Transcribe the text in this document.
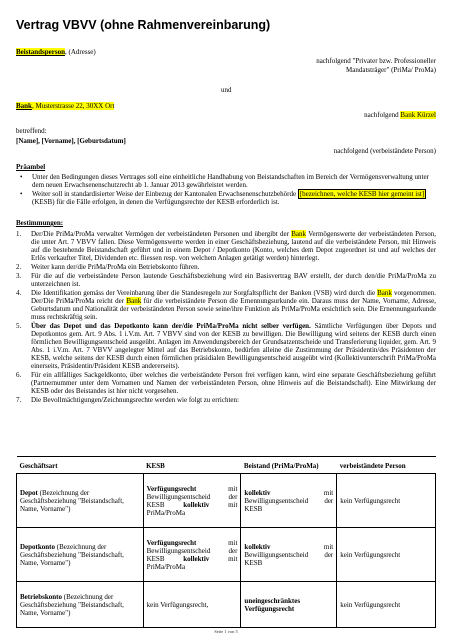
Vertrag VBVV (ohne Rahmenvereinbarung)
Beistandsperson, (Adresse)
nachfolgend "Privater bzw. Professioneller
Mandatsträger" (PriMa/ ProMa)
und
Bank, Musterstrasse 22, 30XX Ort
nachfolgend Bank Kürzel
betreffend:
[Name], [Vorname], [Geburtsdatum]
nachfolgend (verbeiständete Person)
Präambel
• Unter den Bedingungen dieses Vertrages soll eine einheitliche Handhabung von Beistandschaften im Bereich der Vermögensverwaltung unter dem neuen Erwachsenenschutzrecht ab 1. Januar 2013 gewährleistet werden.
• Weiter soll in standardisierter Weise der Einbezug der Kantonalen Erwachsenenschutzbehörde [bezeichnen, welche KESB hier gemeint ist] (KESB) für die Fälle erfolgen, in denen die Verfügungsrechte der KESB erforderlich ist.
Bestimmungen:
1. Der/Die PriMa/ProMa verwaltet Vermögen der verbeiständeten Personen und übergibt der Bank Vermögenswerte der verbeiständeten Person, die unter Art. 7 VBVV fallen. Diese Vermögenswerte werden in einer Geschäftsbeziehung, lautend auf die verbeiständete Person, mit Hinweis auf die bestehende Beistandschaft geführt und in einem Depot / Depotkonto (Konto, welches dem Depot zugeordnet ist und auf welches der Erlös verkaufter Titel, Dividenden etc. fliessen resp. von welchem Anlagen getätigt werden) hinterlegt.
2. Weiter kann der/die PriMa/ProMa ein Betriebskonto führen.
3. Für die auf die verbeiständete Person lautende Geschäftsbeziehung wird ein Basisvertrag BAV erstellt, der durch den/die PriMa/ProMa zu unterzeichnen ist.
4. Die Identifikation gemäss der Vereinbarung über die Standesregeln zur Sorgfaltspflicht der Banken (VSB) wird durch die Bank vorgenommen. Der/Die PriMa/ProMa reicht der Bank für die verbeiständete Person die Ernennungsurkunde ein. Daraus muss der Name, Vorname, Adresse, Geburtsdatum und Nationalität der verbeiständeten Person sowie seine/ihre Funktion als PriMa/ProMa ersichtlich sein. Die Ernennungsurkunde muss rechtskräftig sein.
5. Über das Depot und das Depotkonto kann der/die PriMa/ProMa nicht selber verfügen. Sämtliche Verfügungen über Depots und Depotkontos gem. Art. 9 Abs. 1 i.V.m. Art. 7 VBVV sind von der KESB zu bewilligen. Die Bewilligung wird seitens der KESB durch einen förmlichen Bewilligungsentscheid ausgeübt. Anlagen im Anwendungsbereich der Grundsatzentscheide und Transferierung liquider, gem. Art. 9 Abs. 1 i.V.m. Art. 7 VBVV angelegter Mittel auf das Betriebskonto, bedürfen alleine die Zustimmung der Präsidentin/des Präsidenten der KESB, welche seitens der KESB durch einen förmlichen präsidialen Bewilligungsentscheid ausgeübt wird (Kollektivunterschrift PriMa/ProMa einerseits, Präsidentin/Präsident KESB andererseits).
6. Für ein allfälliges Sackgeldkonto, über welches die verbeiständete Person frei verfügen kann, wird eine separate Geschäftsbeziehung geführt (Partnernummer unter dem Vornamen und Namen der verbeiständeten Person, ohne Hinweis auf die Beistandschaft). Eine Mitwirkung der KESB oder des Beistandes ist hier nicht vorgesehen.
7. Die Bevollmächtigungen/Zeichnungsrechte werden wie folgt zu errichten:
Geschäftsart	KESB	Beistand (PriMa/ProMa)	verbeiständete Person
Depot (Bezeichnung der Geschäftsbeziehung "Beistandschaft, Name, Vorname")	Verfügungsrecht mit Bewilligungsentscheid der KESB kollektiv mit PriMa/ProMa	kollektiv mit Bewilligungsentscheid der KESB	kein Verfügungsrecht
Depotkonto (Bezeichnung der Geschäftsbeziehung "Beistandschaft, Name, Vorname")	Verfügungsrecht mit Bewilligungsentscheid der KESB kollektiv mit PriMa/ProMa	kollektiv mit Bewilligungsentscheid der KESB	kein Verfügungsrecht
Betriebskonto (Bezeichnung der Geschäftsbeziehung "Beistandschaft, Name, Vorname")	kein Verfügungsrecht,	uneingeschränktes Verfügungsrecht	kein Verfügungsrecht
Seite 1 von 5
